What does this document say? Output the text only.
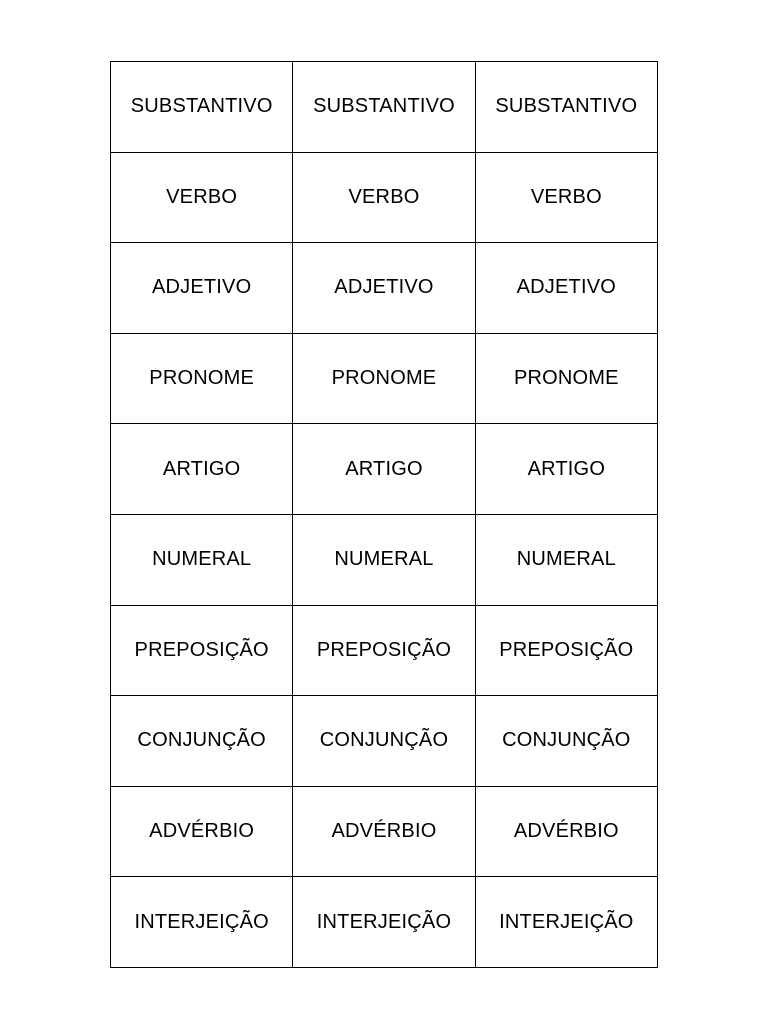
SUBSTANTIVO	SUBSTANTIVO	SUBSTANTIVO
VERBO	VERBO	VERBO
ADJETIVO	ADJETIVO	ADJETIVO
PRONOME	PRONOME	PRONOME
ARTIGO	ARTIGO	ARTIGO
NUMERAL	NUMERAL	NUMERAL
PREPOSIÇÃO	PREPOSIÇÃO	PREPOSIÇÃO
CONJUNÇÃO	CONJUNÇÃO	CONJUNÇÃO
ADVÉRBIO	ADVÉRBIO	ADVÉRBIO
INTERJEIÇÃO	INTERJEIÇÃO	INTERJEIÇÃO
